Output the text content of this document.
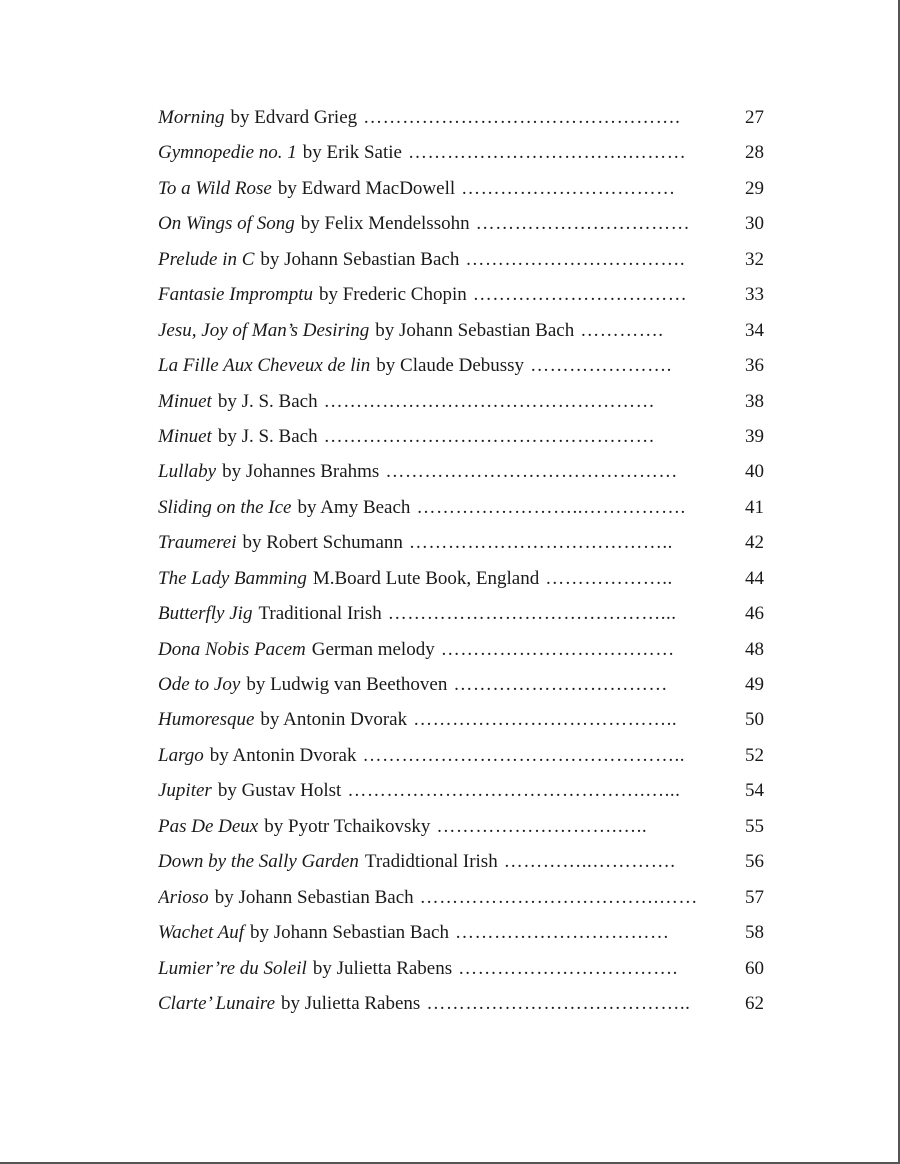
Morning by Edvard Grieg ………………………………………….	27
Gymnopedie no. 1 by Erik Satie …………………………….………	28
To a Wild Rose by Edward MacDowell ……………………………	29
On Wings of Song by Felix Mendelssohn ……………………………	30
Prelude in C by Johann Sebastian Bach …………………………….	32
Fantasie Impromptu by Frederic Chopin ……………………………	33
Jesu, Joy of Man’s Desiring by Johann Sebastian Bach ………….	34
La Fille Aux Cheveux de lin by Claude Debussy ………………….	36
Minuet by J. S. Bach ……………………………………………	38
Minuet by J. S. Bach ……………………………………………	39
Lullaby by Johannes Brahms ………………………………………	40
Sliding on the Ice by Amy Beach ……………………..…………….	41
Traumerei by Robert Schumann …………………………………..	42
The Lady Bamming M.Board Lute Book, England ………………..	44
Butterfly Jig Traditional Irish ……………………………………...	46
Dona Nobis Pacem German melody ………………………………	48
Ode to Joy by Ludwig van Beethoven ……………………………	49
Humoresque by Antonin Dvorak …………………………………..	50
Largo by Antonin Dvorak …………………………………………..	52
Jupiter by Gustav Holst ……………………………………….…...	54
Pas De Deux by Pyotr Tchaikovsky ……………………….…..	55
Down by the Sally Garden Tradidtional Irish …………..………….	56
Arioso by Johann Sebastian Bach ……………………………….……	57
Wachet Auf by Johann Sebastian Bach ……………………………	58
Lumier’re du Soleil by Julietta Rabens …………………………….	60
Clarte’ Lunaire by Julietta Rabens …………………………………..	62
